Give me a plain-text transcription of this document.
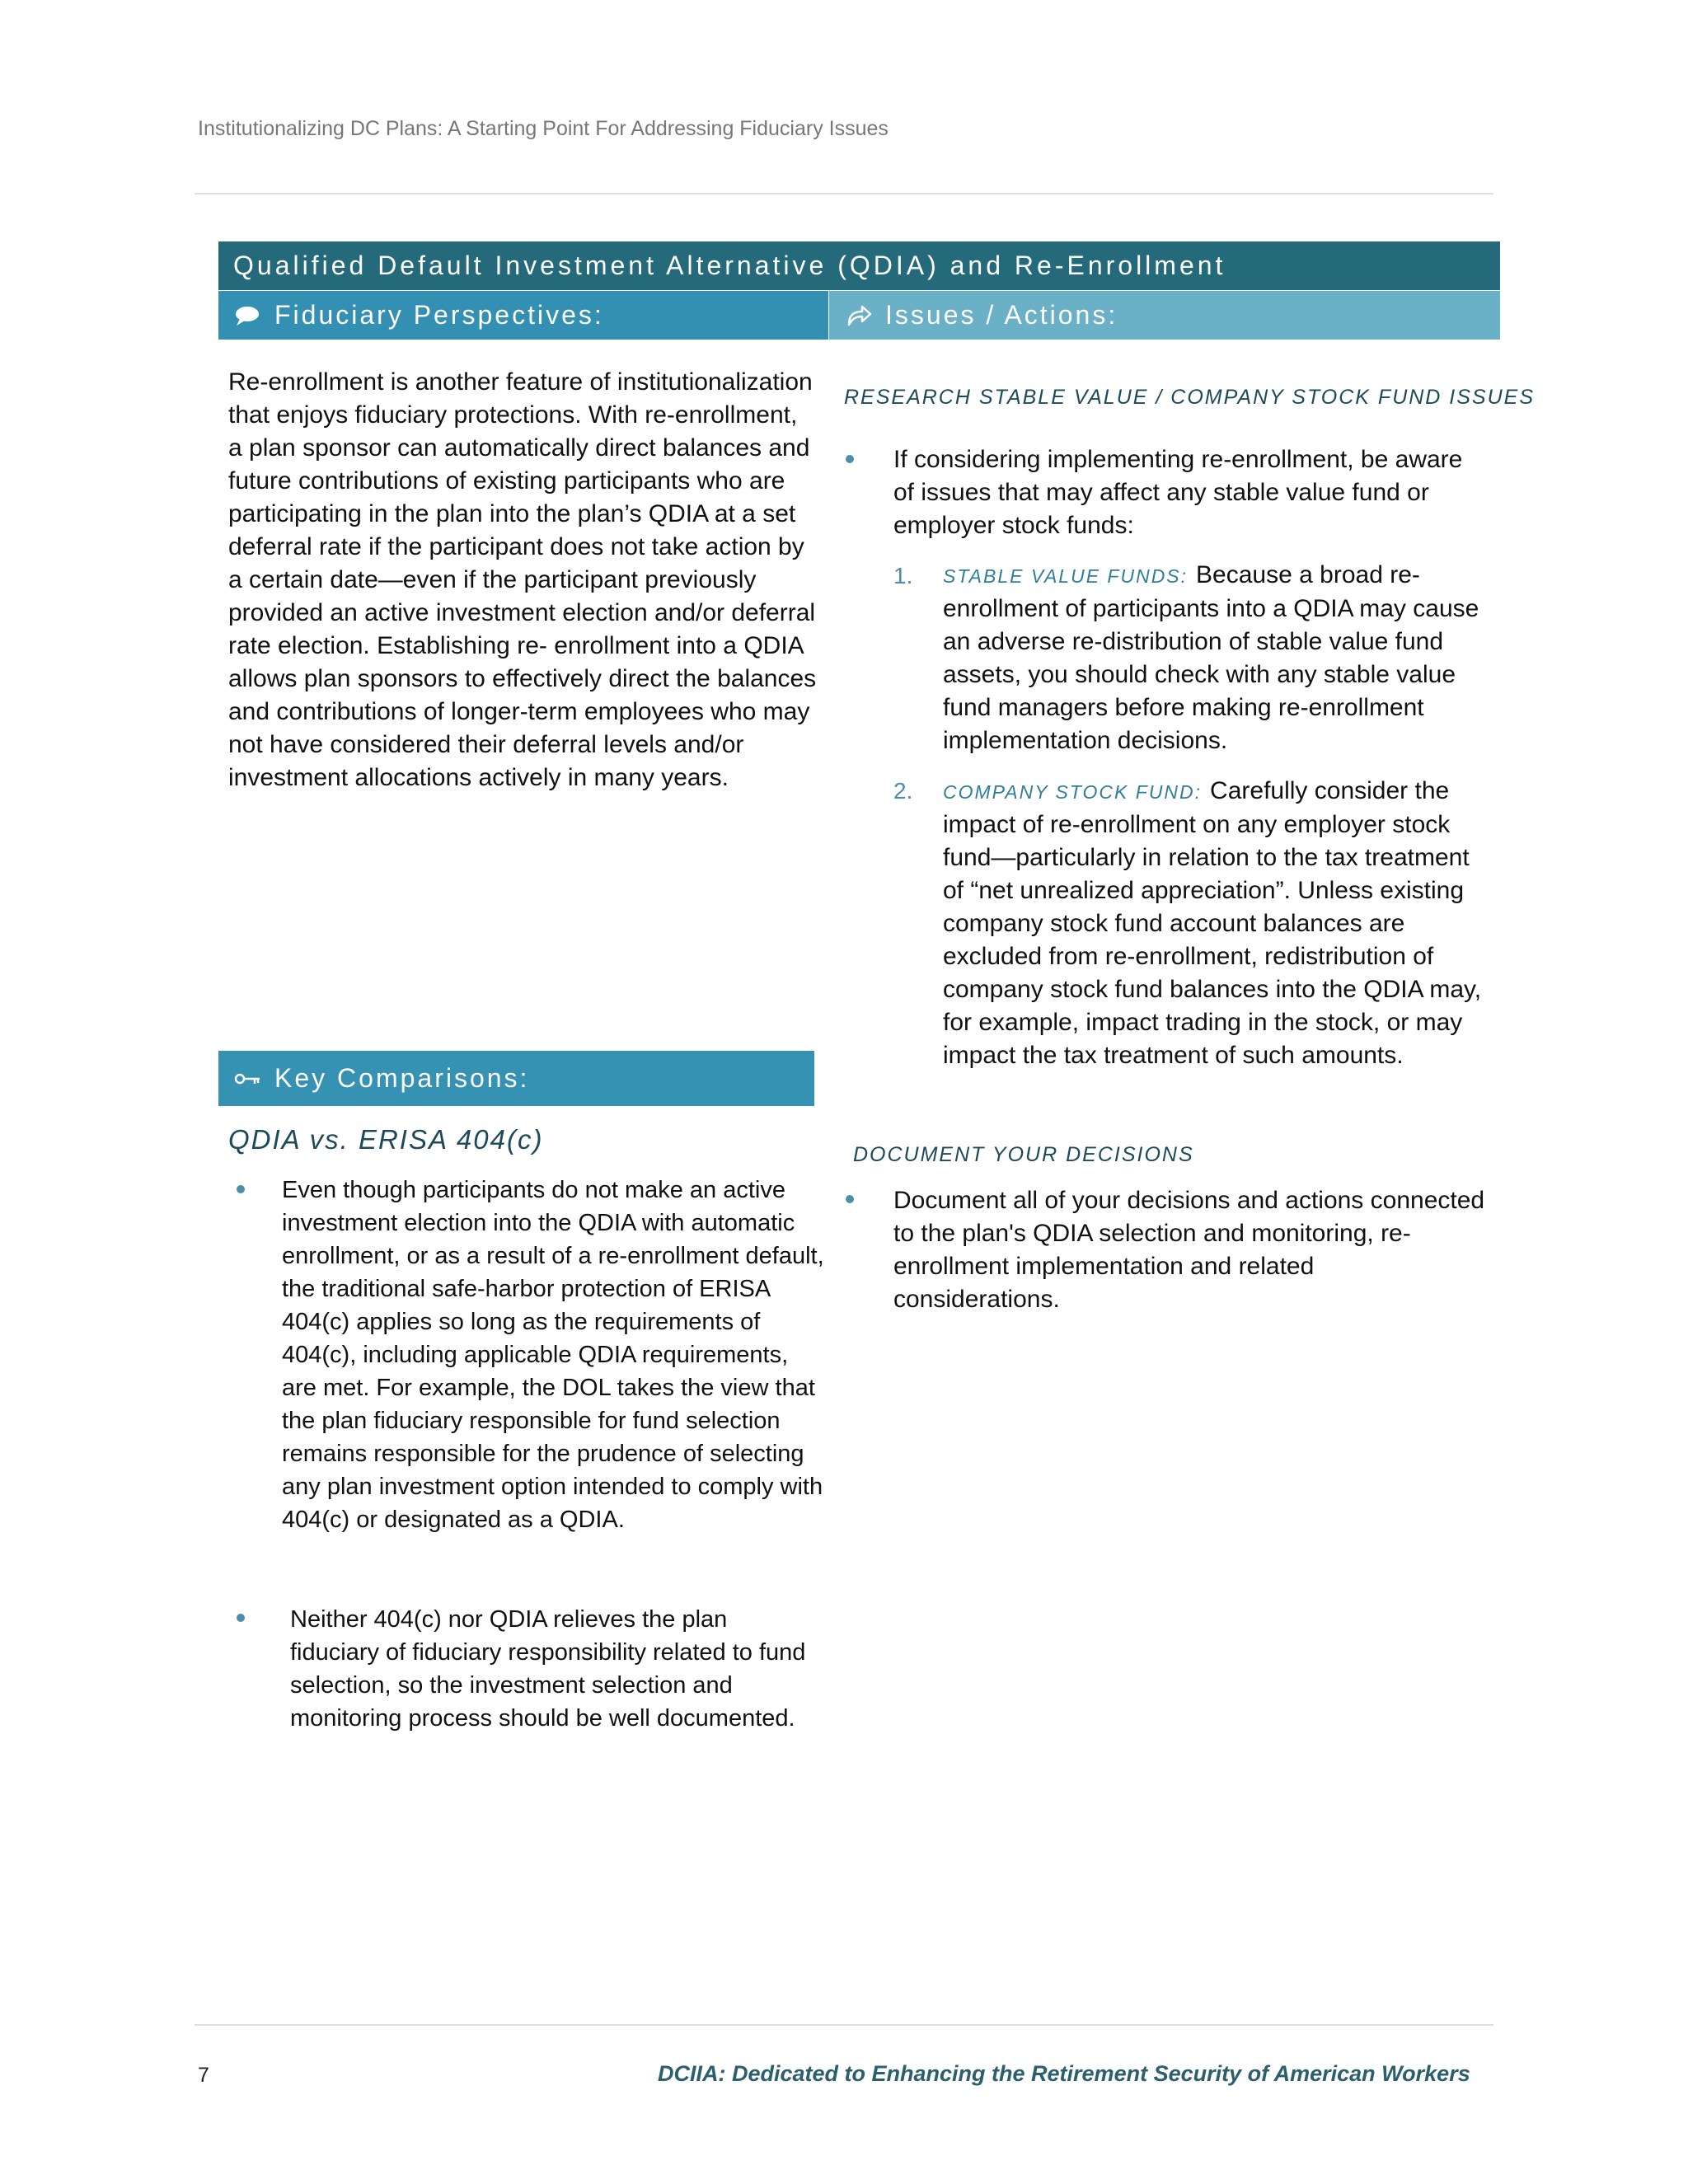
Institutionalizing DC Plans: A Starting Point For Addressing Fiduciary Issues
Qualified Default Investment Alternative (QDIA) and Re-Enrollment
Fiduciary Perspectives:	Issues / Actions:
Re-enrollment is another feature of institutionalization that enjoys fiduciary protections. With re-enrollment, a plan sponsor can automatically direct balances and future contributions of existing participants who are participating in the plan into the plan’s QDIA at a set deferral rate if the participant does not take action by a certain date—even if the participant previously provided an active investment election and/or deferral rate election. Establishing re- enrollment into a QDIA allows plan sponsors to effectively direct the balances and contributions of longer-term employees who may not have considered their deferral levels and/or investment allocations actively in many years.
Key Comparisons:
QDIA vs. ERISA 404(c)
Even though participants do not make an active investment election into the QDIA with automatic enrollment, or as a result of a re-enrollment default, the traditional safe-harbor protection of ERISA 404(c) applies so long as the requirements of 404(c), including applicable QDIA requirements, are met. For example, the DOL takes the view that the plan fiduciary responsible for fund selection remains responsible for the prudence of selecting any plan investment option intended to comply with 404(c) or designated as a QDIA.
Neither 404(c) nor QDIA relieves the plan fiduciary of fiduciary responsibility related to fund selection, so the investment selection and monitoring process should be well documented.
RESEARCH STABLE VALUE / COMPANY STOCK FUND ISSUES
If considering implementing re-enrollment, be aware of issues that may affect any stable value fund or employer stock funds:
1. STABLE VALUE FUNDS: Because a broad re-enrollment of participants into a QDIA may cause an adverse re-distribution of stable value fund assets, you should check with any stable value fund managers before making re-enrollment implementation decisions.
2. COMPANY STOCK FUND: Carefully consider the impact of re-enrollment on any employer stock fund—particularly in relation to the tax treatment of “net unrealized appreciation”. Unless existing company stock fund account balances are excluded from re-enrollment, redistribution of company stock fund balances into the QDIA may, for example, impact trading in the stock, or may impact the tax treatment of such amounts.
DOCUMENT YOUR DECISIONS
Document all of your decisions and actions connected to the plan's QDIA selection and monitoring, re-enrollment implementation and related considerations.
7	DCIIA: Dedicated to Enhancing the Retirement Security of American Workers
